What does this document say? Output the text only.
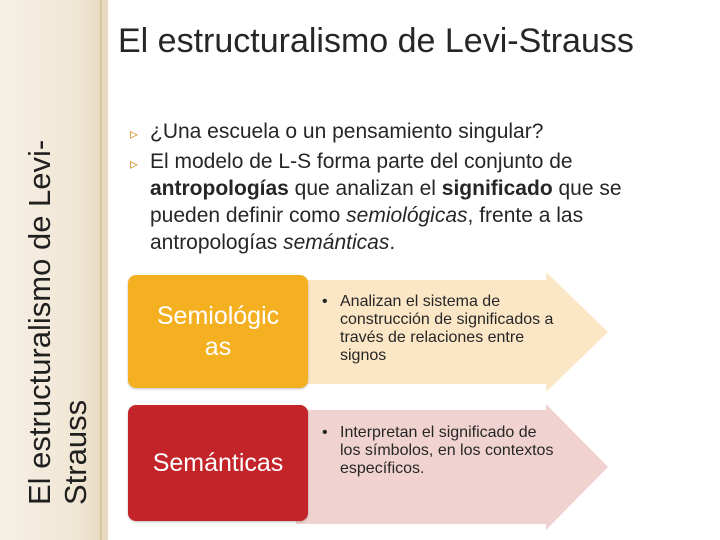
El estructuralismo de Levi-Strauss
El estructuralismo de Levi-Strauss
▹ ¿Una escuela o un pensamiento singular?
▹ El modelo de L-S forma parte del conjunto de antropologías que analizan el significado que se pueden definir como semiológicas, frente a las antropologías semánticas.
Semiológic
as
Semánticas
• Analizan el sistema de construcción de significados a través de relaciones entre signos
• Interpretan el significado de los símbolos, en los contextos específicos.
